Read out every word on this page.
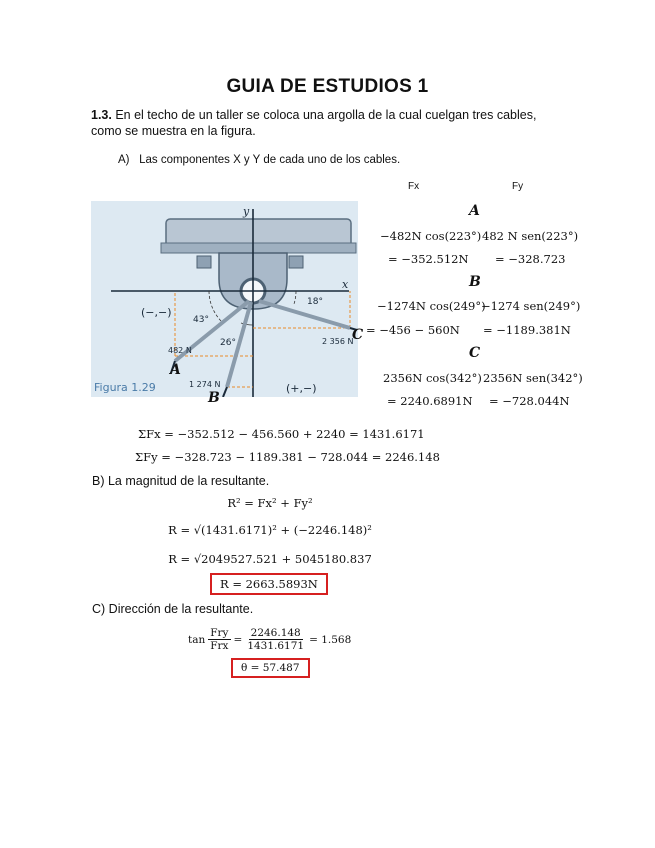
GUIA DE ESTUDIOS 1
1.3. En el techo de un taller se coloca una argolla de la cual cuelgan tres cables,
como se muestra en la figura.
A) Las componentes X y Y de cada uno de los cables.
Fx	Fy
y
x
(−,−)
(+,−)
43°
26°
18°
482 N
1 274 N
2 356 N
Figura 1.29
A
B
C
A
−482N cos(223°) 482 N sen(223°)
= −352.512N = −328.723
B
−1274N cos(249°)
−1274 sen(249°)
= −456 − 560N = −1189.381N
C
2356N cos(342°) 2356N sen(342°)
= 2240.6891N = −728.044N
ΣFx = −352.512 − 456.560 + 2240 = 1431.6171
ΣFy = −328.723 − 1189.381 − 728.044 = 2246.148
B) La magnitud de la resultante.
R² = Fx² + Fy²
R = √(1431.6171)² + (−2246.148)²
R = √2049527.521 + 5045180.837
R = 2663.5893N
C) Dirección de la resultante.
$\tan \frac{\text{Fry}}{\text{Frx}} = \frac{2246.148}{1431.6171} = 1.568$
θ = 57.487
